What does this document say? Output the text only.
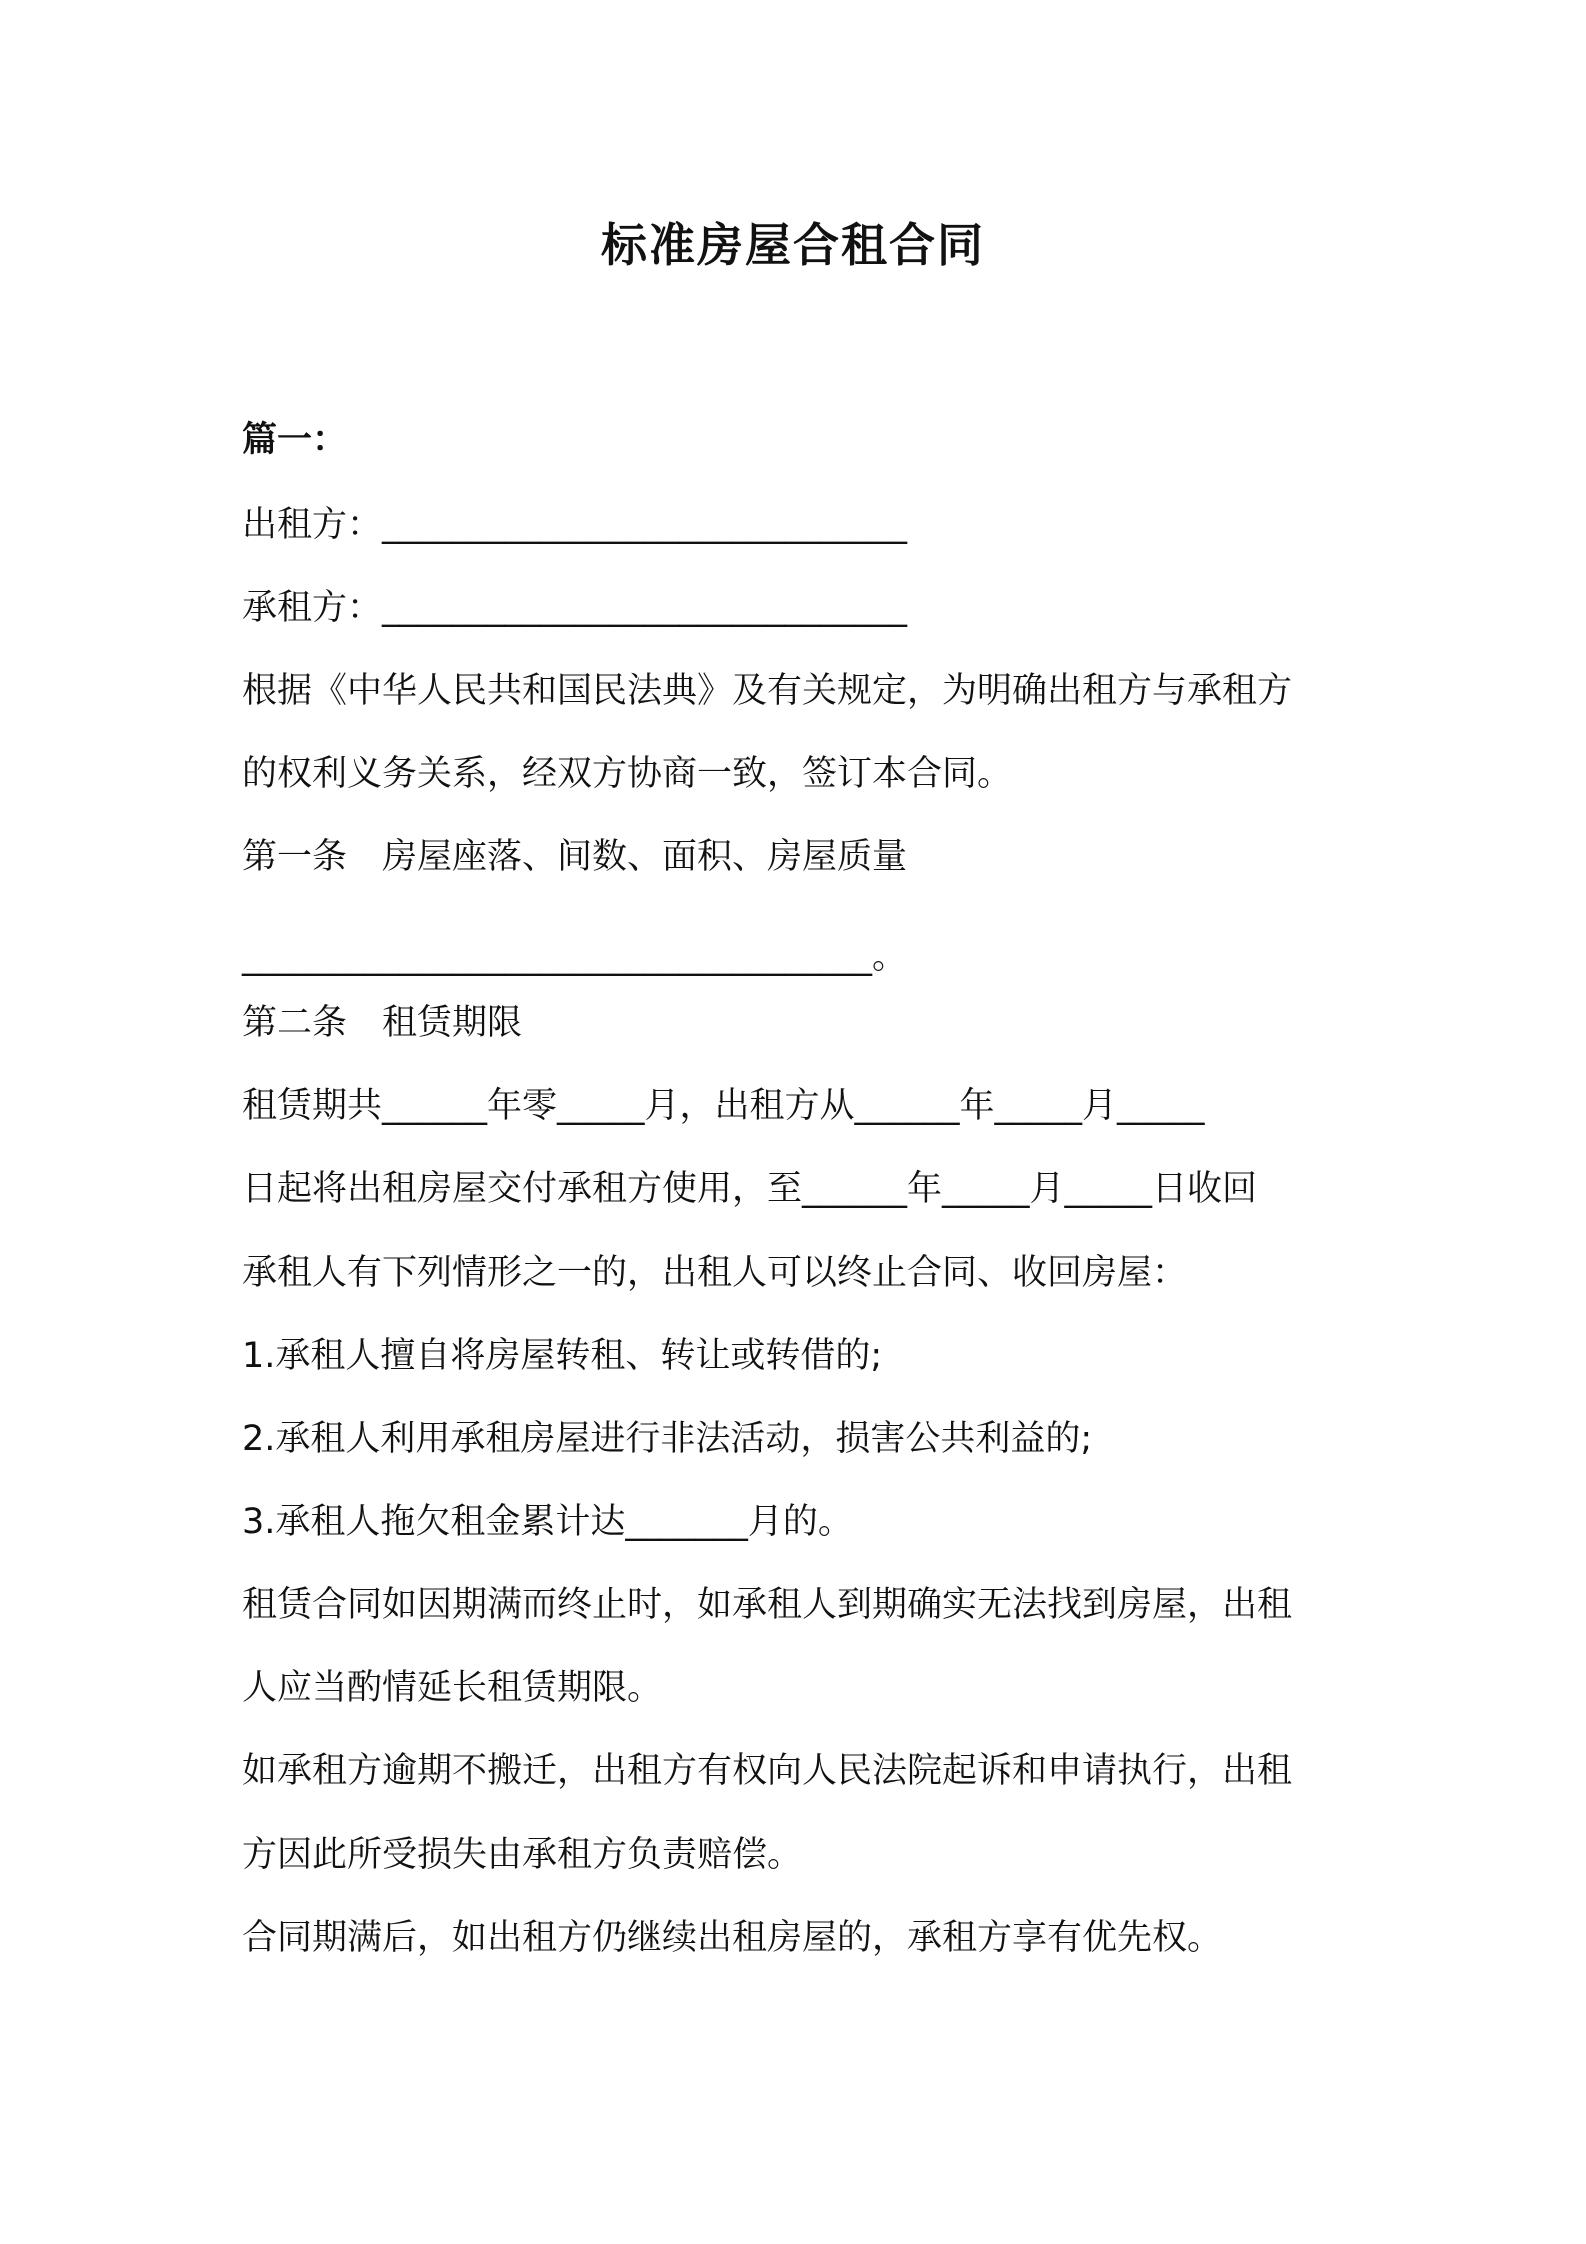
标准房屋合租合同
篇一：
出租方：______________________________
承租方：______________________________
根据《中华人民共和国民法典》及有关规定，为明确出租方与承租方
的权利义务关系，经双方协商一致，签订本合同。
第一条　房屋座落、间数、面积、房屋质量
____________________________________。
第二条　租赁期限
租赁期共______年零_____月，出租方从______年_____月_____
日起将出租房屋交付承租方使用，至______年_____月_____日收回
承租人有下列情形之一的，出租人可以终止合同、收回房屋：
1.承租人擅自将房屋转租、转让或转借的;
2.承租人利用承租房屋进行非法活动，损害公共利益的;
3.承租人拖欠租金累计达_______月的。
租赁合同如因期满而终止时，如承租人到期确实无法找到房屋，出租
人应当酌情延长租赁期限。
如承租方逾期不搬迁，出租方有权向人民法院起诉和申请执行，出租
方因此所受损失由承租方负责赔偿。
合同期满后，如出租方仍继续出租房屋的，承租方享有优先权。
